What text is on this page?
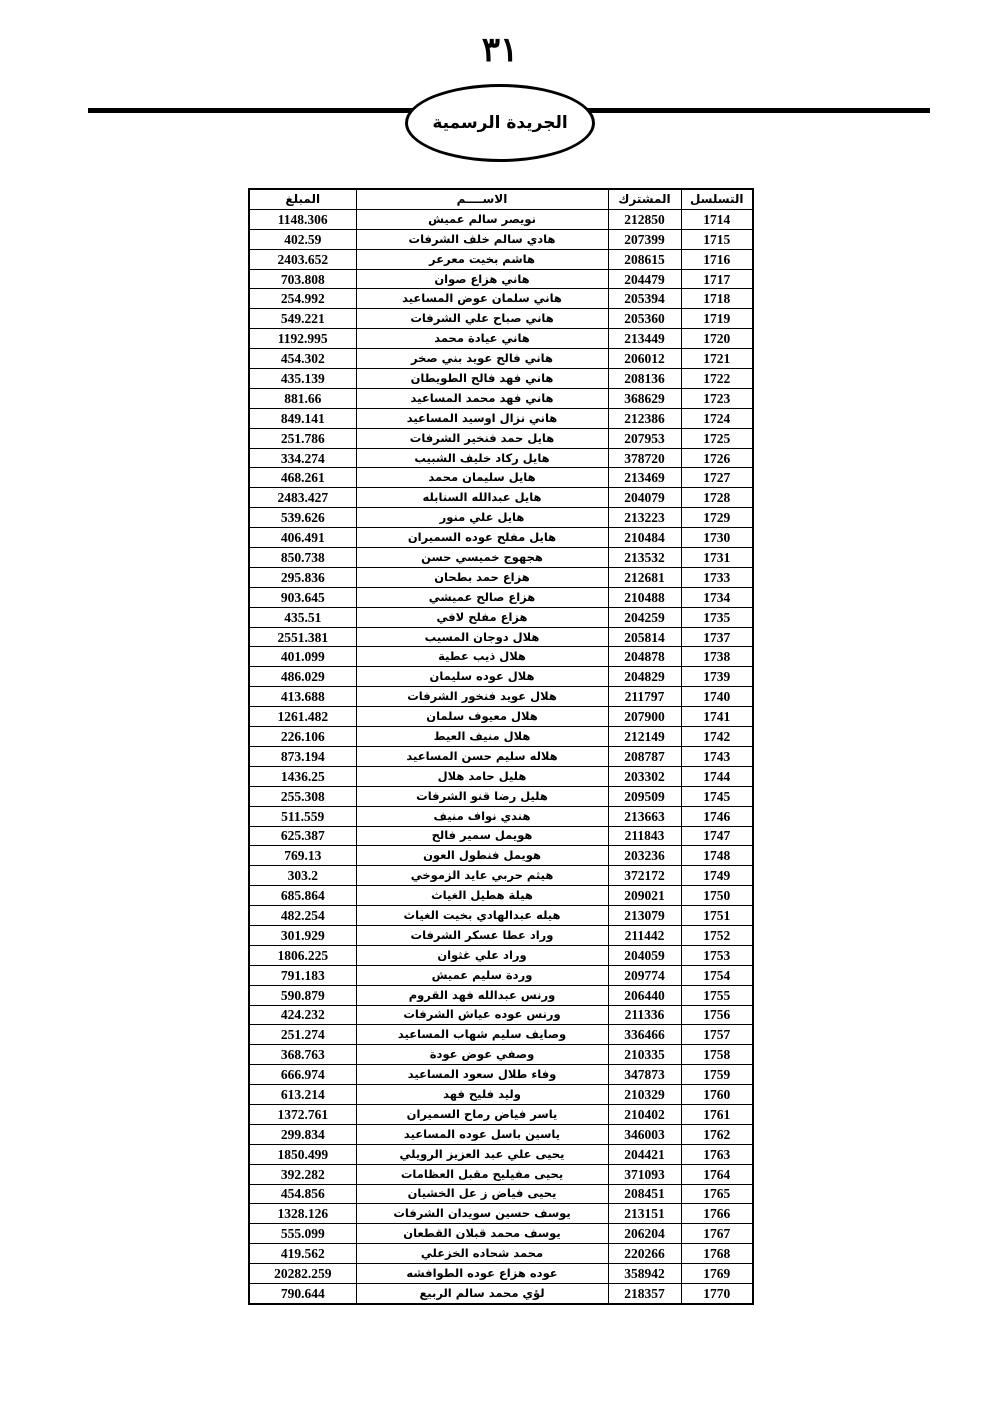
٣١
الجريدة الرسمية
المبلغ	الاســــم	المشترك	التسلسل
1148.306	نويصر سالم عميش	212850	1714
402.59	هادي سالم خلف الشرفات	207399	1715
2403.652	هاشم بخيت معرعر	208615	1716
703.808	هاني هزاع صوان	204479	1717
254.992	هاني سلمان عوض المساعيد	205394	1718
549.221	هاني صباح علي الشرفات	205360	1719
1192.995	هاني عيادة محمد	213449	1720
454.302	هاني فالح عويد بني صخر	206012	1721
435.139	هاني فهد فالح الطويطان	208136	1722
881.66	هاني فهد محمد المساعيد	368629	1723
849.141	هاني نزال اوسيد المساعيد	212386	1724
251.786	هايل حمد فنخير الشرفات	207953	1725
334.274	هايل ركاد خليف الشبيب	378720	1726
468.261	هايل سليمان محمد	213469	1727
2483.427	هايل عبدالله السنابله	204079	1728
539.626	هايل علي منور	213223	1729
406.491	هايل مفلح عوده السميران	210484	1730
850.738	هجهوج خميسي حسن	213532	1731
295.836	هزاع حمد بطحان	212681	1733
903.645	هزاع صالح عميشي	210488	1734
435.51	هزاع مفلح لافي	204259	1735
2551.381	هلال دوجان المسيب	205814	1737
401.099	هلال ذيب عطية	204878	1738
486.029	هلال عوده سليمان	204829	1739
413.688	هلال عويد فنخور الشرفات	211797	1740
1261.482	هلال معيوف سلمان	207900	1741
226.106	هلال منيف العيط	212149	1742
873.194	هلاله سليم حسن المساعيد	208787	1743
1436.25	هليل حامد هلال	203302	1744
255.308	هليل رضا قنو الشرفات	209509	1745
511.559	هندي نواف منيف	213663	1746
625.387	هويمل سمير فالح	211843	1747
769.13	هويمل فنطول العون	203236	1748
303.2	هيثم حربي عايد الزموخي	372172	1749
685.864	هيلة هطيل الغياث	209021	1750
482.254	هيله عبدالهادي بخيت الغياث	213079	1751
301.929	وراد عطا عسكر الشرفات	211442	1752
1806.225	وراد علي غثوان	204059	1753
791.183	وردة سليم عميش	209774	1754
590.879	ورنس عبدالله فهد القروم	206440	1755
424.232	ورنس عوده عياش الشرفات	211336	1756
251.274	وصايف سليم شهاب المساعيد	336466	1757
368.763	وصفي عوض عودة	210335	1758
666.974	وفاء طلال سعود المساعيد	347873	1759
613.214	وليد فليح فهد	210329	1760
1372.761	ياسر فياض رماح السميران	210402	1761
299.834	ياسين باسل عوده المساعيد	346003	1762
1850.499	يحيى علي عبد العزيز الرويلي	204421	1763
392.282	يحيى مفيليح مقبل العظامات	371093	1764
454.856	يحيى فياض ز عل الخشيان	208451	1765
1328.126	يوسف حسين سويدان الشرفات	213151	1766
555.099	يوسف محمد قبلان القطعان	206204	1767
419.562	محمد شحاده الخزعلي	220266	1768
20282.259	عوده هزاع عوده الطوافشه	358942	1769
790.644	لؤي محمد سالم الربيع	218357	1770
